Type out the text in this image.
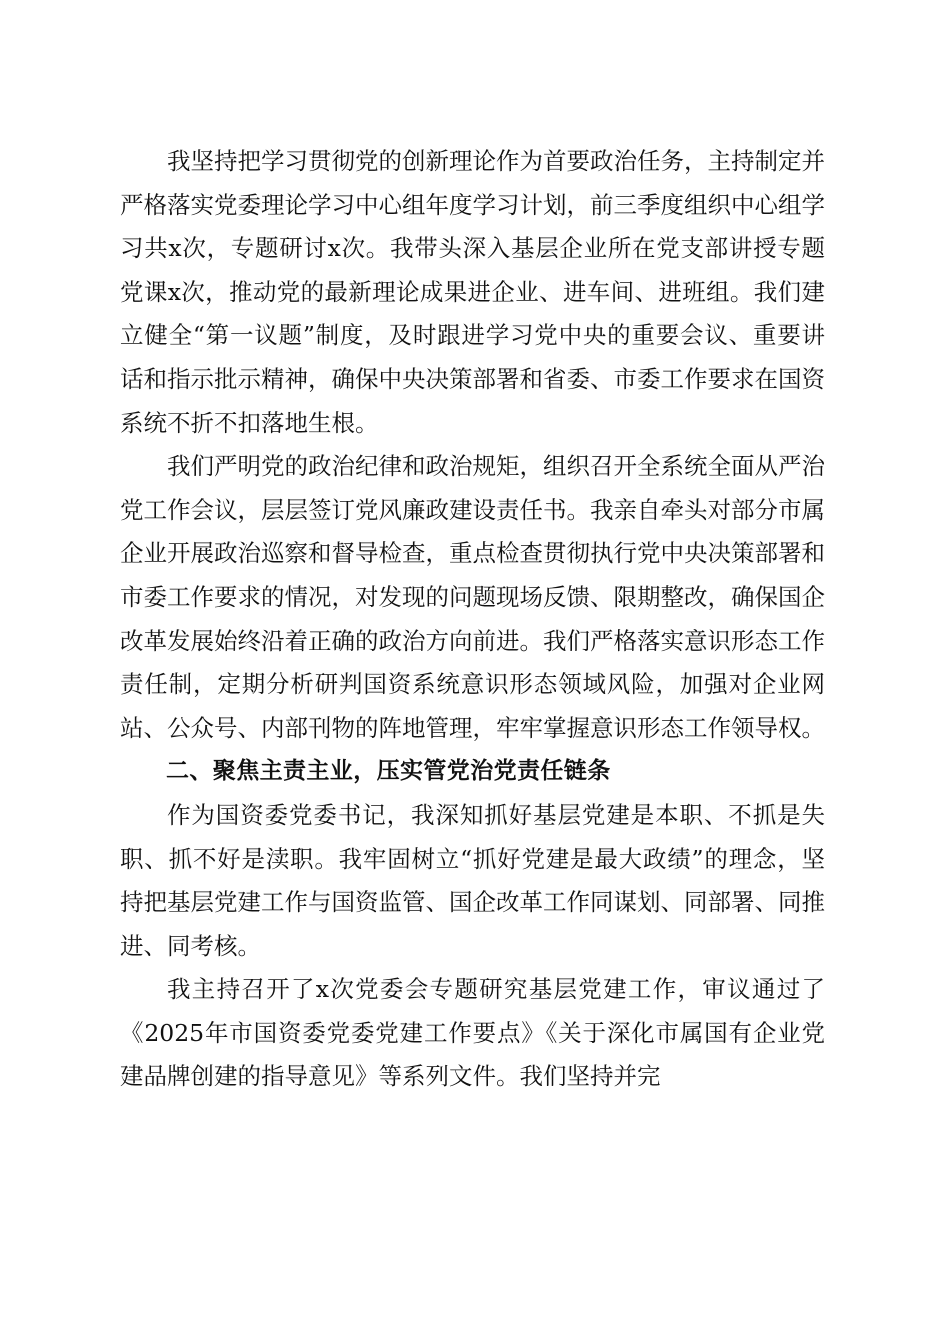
我坚持把学习贯彻党的创新理论作为首要政治任务，主持制定并严格落实党委理论学习中心组年度学习计划，前三季度组织中心组学习共x次，专题研讨x次。我带头深入基层企业所在党支部讲授专题党课x次，推动党的最新理论成果进企业、进车间、进班组。我们建立健全“第一议题”制度，及时跟进学习党中央的重要会议、重要讲话和指示批示精神，确保中央决策部署和省委、市委工作要求在国资系统不折不扣落地生根。

我们严明党的政治纪律和政治规矩，组织召开全系统全面从严治党工作会议，层层签订党风廉政建设责任书。我亲自牵头对部分市属企业开展政治巡察和督导检查，重点检查贯彻执行党中央决策部署和市委工作要求的情况，对发现的问题现场反馈、限期整改，确保国企改革发展始终沿着正确的政治方向前进。我们严格落实意识形态工作责任制，定期分析研判国资系统意识形态领域风险，加强对企业网站、公众号、内部刊物的阵地管理，牢牢掌握意识形态工作领导权。

二、聚焦主责主业，压实管党治党责任链条

作为国资委党委书记，我深知抓好基层党建是本职、不抓是失职、抓不好是渎职。我牢固树立“抓好党建是最大政绩”的理念，坚持把基层党建工作与国资监管、国企改革工作同谋划、同部署、同推进、同考核。

我主持召开了x次党委会专题研究基层党建工作，审议通过了《2025年市国资委党委党建工作要点》《关于深化市属国有企业党建品牌创建的指导意见》等系列文件。我们坚持并完
